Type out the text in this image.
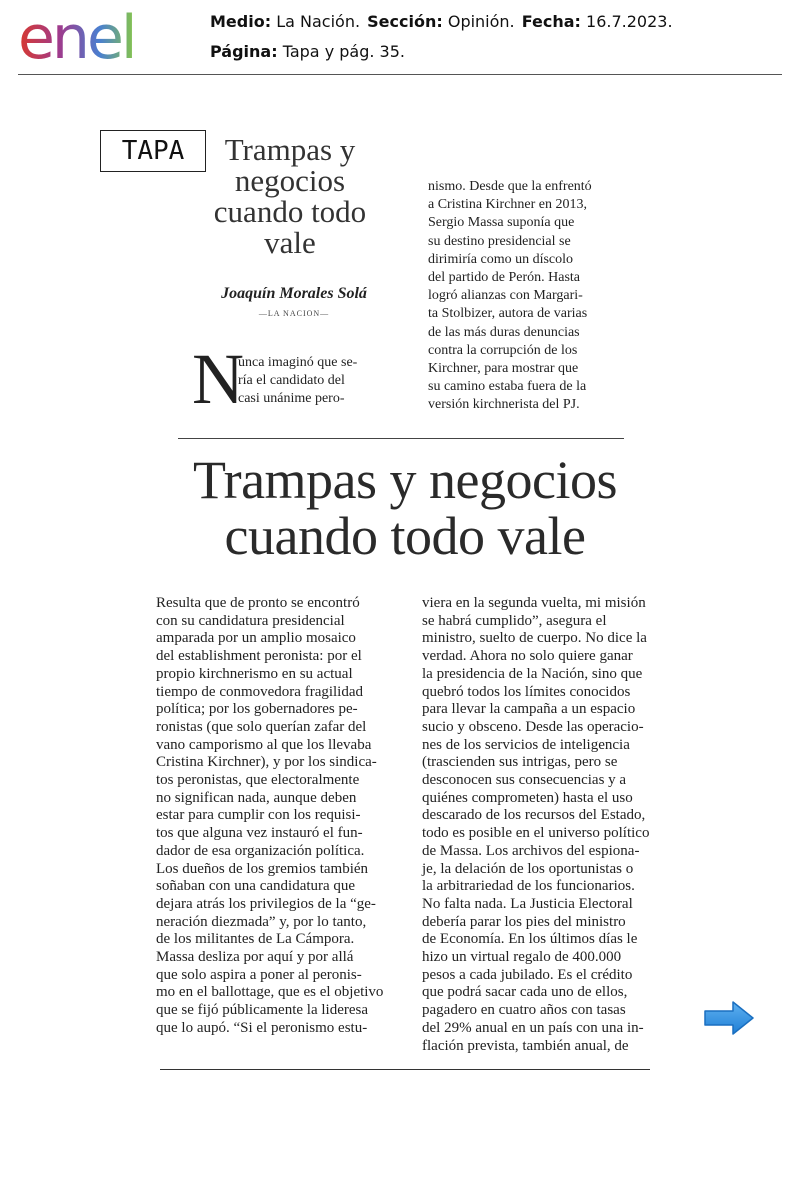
enel	Medio: La Nación. Sección: Opinión. Fecha: 16.7.2023.
Página: Tapa y pág. 35.
TAPA	Trampas y
negocios
cuando todo
vale
Joaquín Morales Solá
—LA NACION—
N
unca imaginó que se-
ría el candidato del
casi unánime pero-
nismo. Desde que la enfrentó
a Cristina Kirchner en 2013,
Sergio Massa suponía que
su destino presidencial se
dirimiría como un díscolo
del partido de Perón. Hasta
logró alianzas con Margari-
ta Stolbizer, autora de varias
de las más duras denuncias
contra la corrupción de los
Kirchner, para mostrar que
su camino estaba fuera de la
versión kirchnerista del PJ.
Trampas y negocios
cuando todo vale
Resulta que de pronto se encontró
con su candidatura presidencial
amparada por un amplio mosaico
del establishment peronista: por el
propio kirchnerismo en su actual
tiempo de conmovedora fragilidad
política; por los gobernadores pe-
ronistas (que solo querían zafar del
vano camporismo al que los llevaba
Cristina Kirchner), y por los sindica-
tos peronistas, que electoralmente
no significan nada, aunque deben
estar para cumplir con los requisi-
tos que alguna vez instauró el fun-
dador de esa organización política.
Los dueños de los gremios también
soñaban con una candidatura que
dejara atrás los privilegios de la “ge-
neración diezmada” y, por lo tanto,
de los militantes de La Cámpora.
Massa desliza por aquí y por allá
que solo aspira a poner al peronis-
mo en el ballottage, que es el objetivo
que se fijó públicamente la lideresa
que lo aupó. “Si el peronismo estu-
viera en la segunda vuelta, mi misión
se habrá cumplido”, asegura el
ministro, suelto de cuerpo. No dice la
verdad. Ahora no solo quiere ganar
la presidencia de la Nación, sino que
quebró todos los límites conocidos
para llevar la campaña a un espacio
sucio y obsceno. Desde las operacio-
nes de los servicios de inteligencia
(trascienden sus intrigas, pero se
desconocen sus consecuencias y a
quiénes comprometen) hasta el uso
descarado de los recursos del Estado,
todo es posible en el universo político
de Massa. Los archivos del espiona-
je, la delación de los oportunistas o
la arbitrariedad de los funcionarios.
No falta nada. La Justicia Electoral
debería parar los pies del ministro
de Economía. En los últimos días le
hizo un virtual regalo de 400.000
pesos a cada jubilado. Es el crédito
que podrá sacar cada uno de ellos,
pagadero en cuatro años con tasas
del 29% anual en un país con una in-
flación prevista, también anual, de
